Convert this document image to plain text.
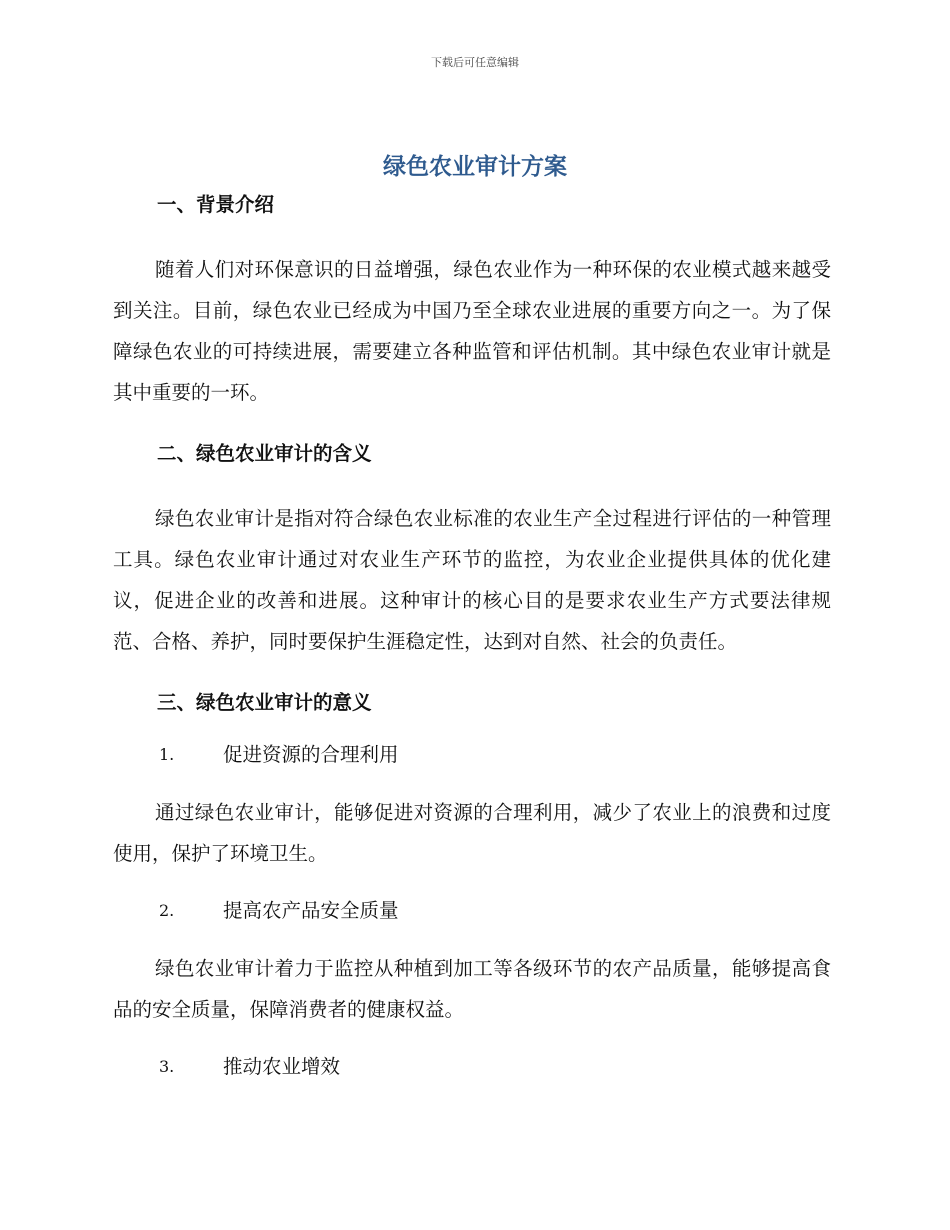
下载后可任意编辑
绿色农业审计方案

一、背景介绍

随着人们对环保意识的日益增强，绿色农业作为一种环保的农业模式越来越受到关注。目前，绿色农业已经成为中国乃至全球农业进展的重要方向之一。为了保障绿色农业的可持续进展，需要建立各种监管和评估机制。其中绿色农业审计就是其中重要的一环。

二、绿色农业审计的含义

绿色农业审计是指对符合绿色农业标准的农业生产全过程进行评估的一种管理工具。绿色农业审计通过对农业生产环节的监控，为农业企业提供具体的优化建议，促进企业的改善和进展。这种审计的核心目的是要求农业生产方式要法律规范、合格、养护，同时要保护生涯稳定性，达到对自然、社会的负责任。

三、绿色农业审计的意义

1.	促进资源的合理利用

通过绿色农业审计，能够促进对资源的合理利用，减少了农业上的浪费和过度使用，保护了环境卫生。

2.	提高农产品安全质量

绿色农业审计着力于监控从种植到加工等各级环节的农产品质量，能够提高食品的安全质量，保障消费者的健康权益。

3.	推动农业增效
